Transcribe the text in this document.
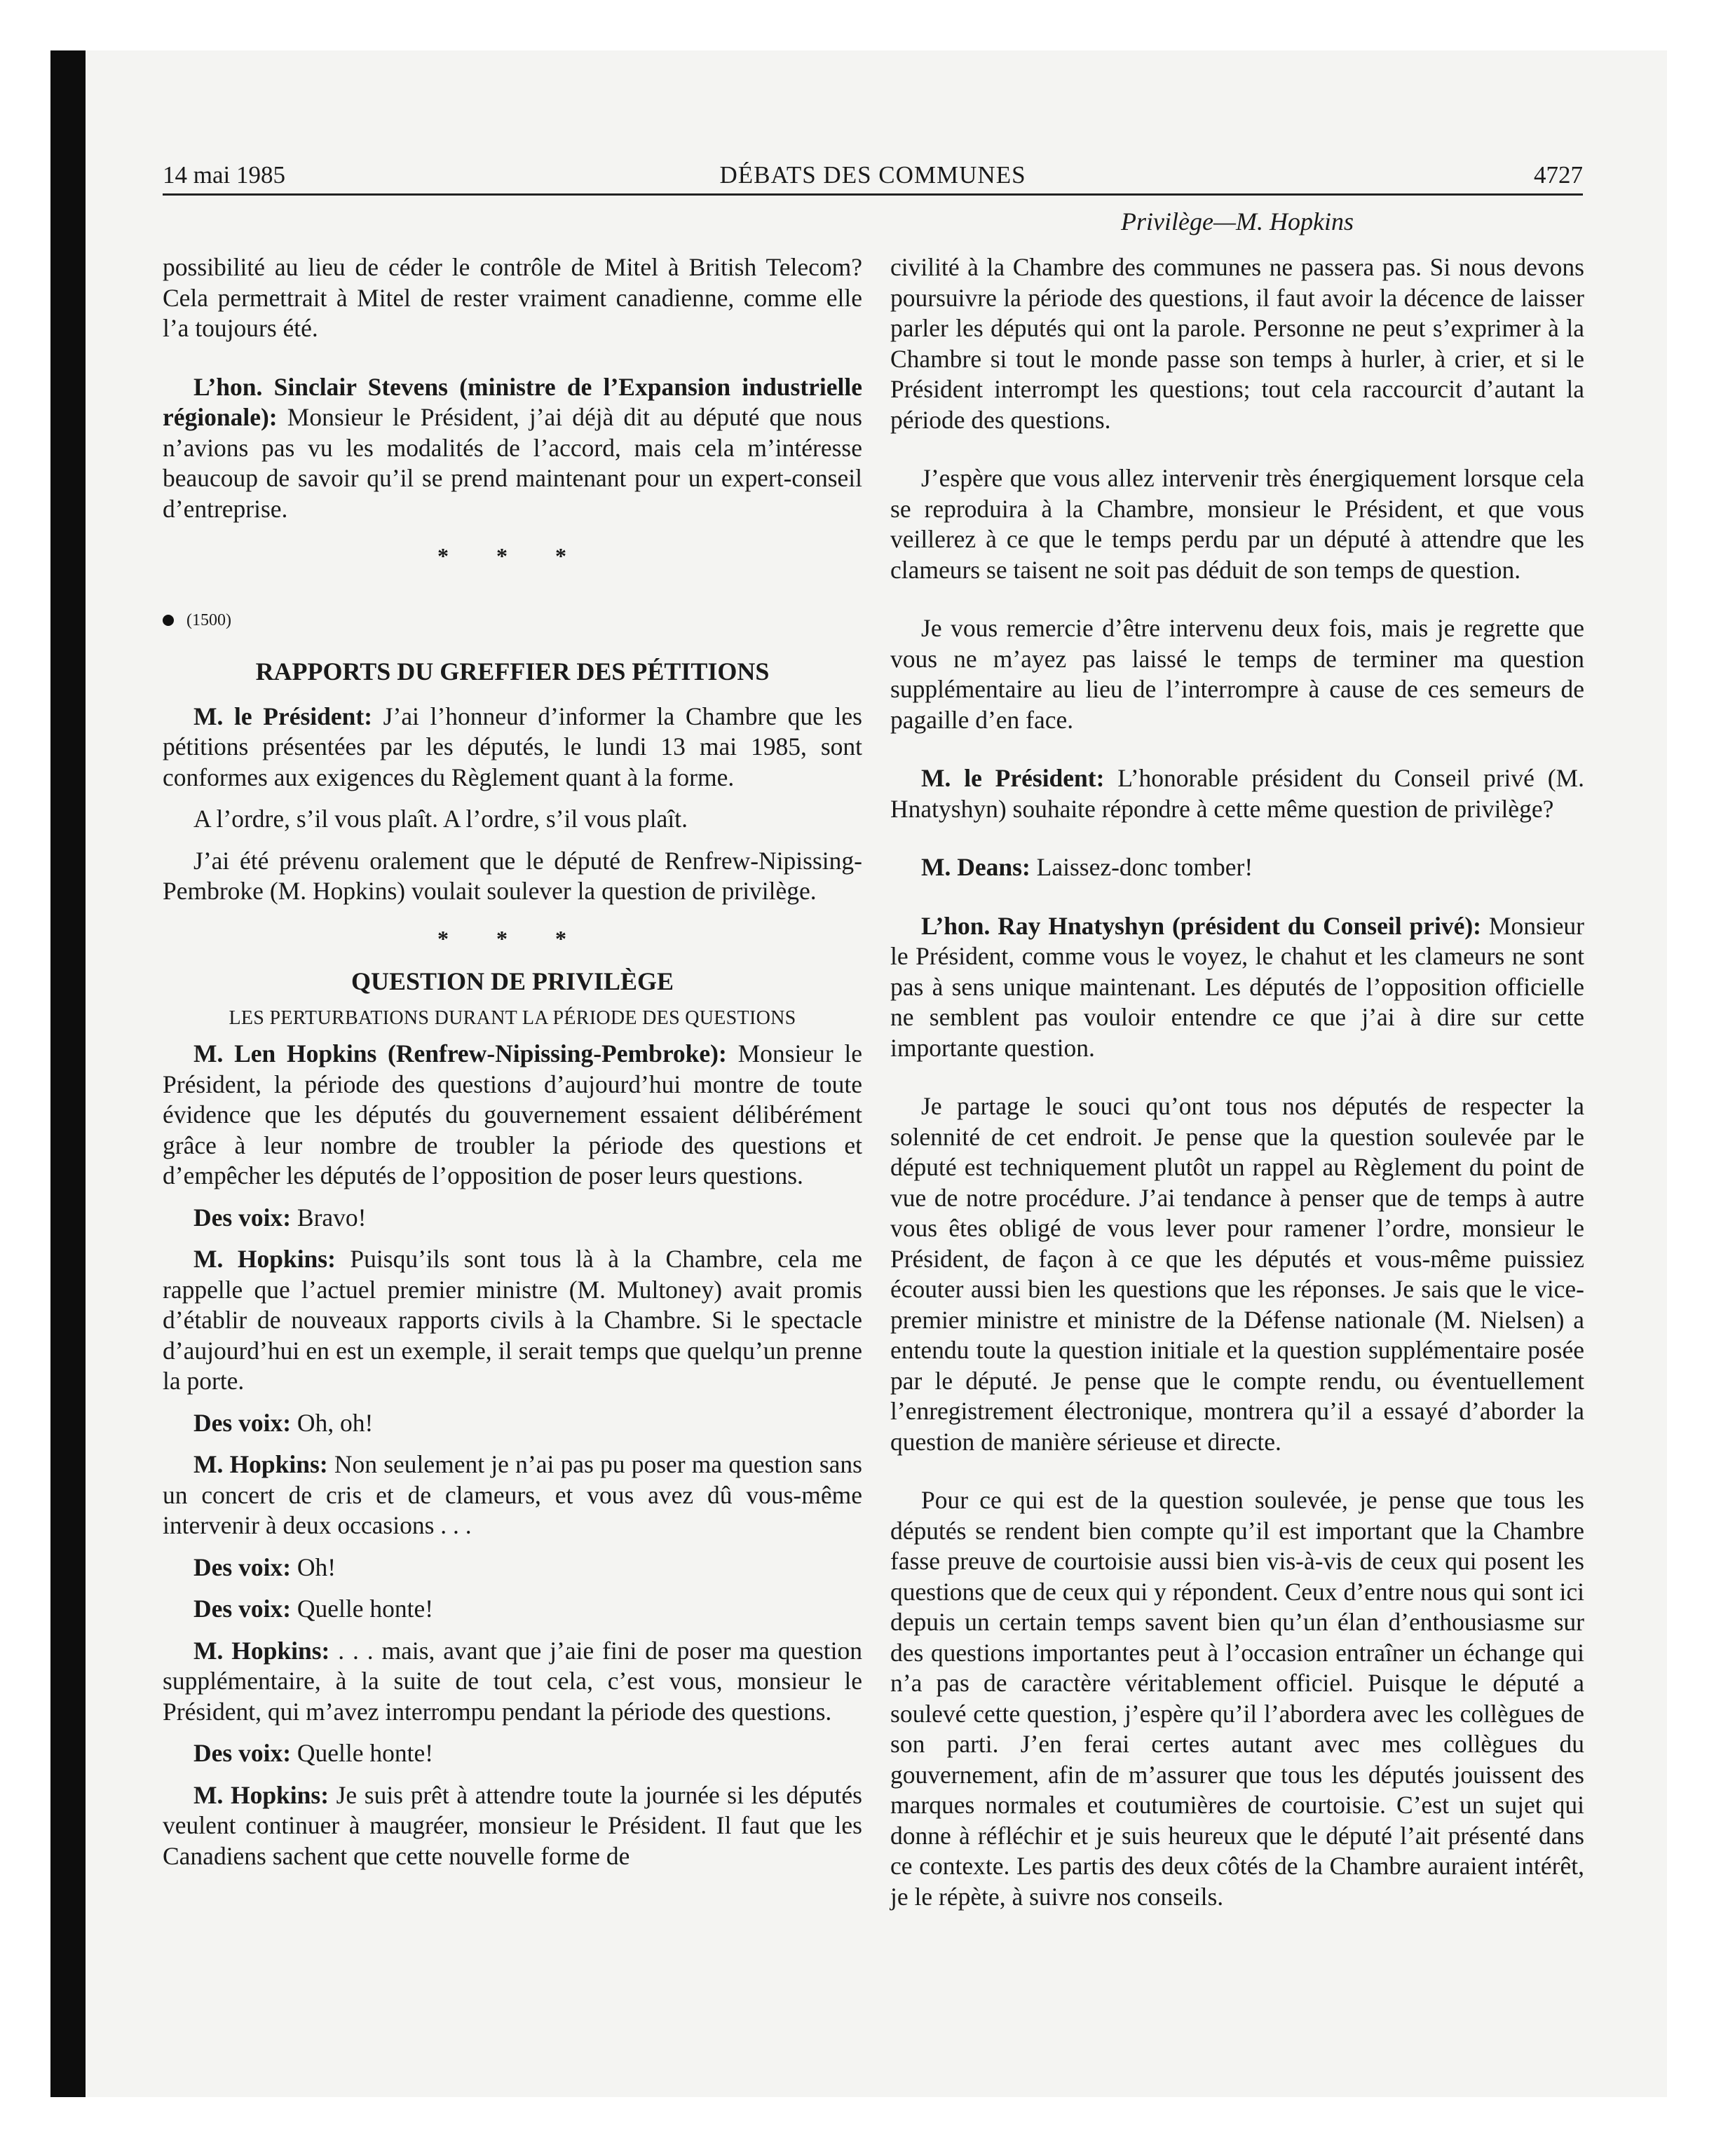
14 mai 1985	DÉBATS DES COMMUNES	4727
Privilège—M. Hopkins

possibilité au lieu de céder le contrôle de Mitel à British Telecom? Cela permettrait à Mitel de rester vraiment canadienne, comme elle l’a toujours été.

L’hon. Sinclair Stevens (ministre de l’Expansion industrielle régionale): Monsieur le Président, j’ai déjà dit au député que nous n’avions pas vu les modalités de l’accord, mais cela m’intéresse beaucoup de savoir qu’il se prend maintenant pour un expert-conseil d’entreprise.

* * *
(1500)
RAPPORTS DU GREFFIER DES PÉTITIONS

M. le Président: J’ai l’honneur d’informer la Chambre que les pétitions présentées par les députés, le lundi 13 mai 1985, sont conformes aux exigences du Règlement quant à la forme.

A l’ordre, s’il vous plaît. A l’ordre, s’il vous plaît.

J’ai été prévenu oralement que le député de Renfrew-Nipissing-Pembroke (M. Hopkins) voulait soulever la question de privilège.

* * *
QUESTION DE PRIVILÈGE
LES PERTURBATIONS DURANT LA PÉRIODE DES QUESTIONS

M. Len Hopkins (Renfrew-Nipissing-Pembroke): Monsieur le Président, la période des questions d’aujourd’hui montre de toute évidence que les députés du gouvernement essaient délibérément grâce à leur nombre de troubler la période des questions et d’empêcher les députés de l’opposition de poser leurs questions.

Des voix: Bravo!

M. Hopkins: Puisqu’ils sont tous là à la Chambre, cela me rappelle que l’actuel premier ministre (M. Multoney) avait promis d’établir de nouveaux rapports civils à la Chambre. Si le spectacle d’aujourd’hui en est un exemple, il serait temps que quelqu’un prenne la porte.

Des voix: Oh, oh!

M. Hopkins: Non seulement je n’ai pas pu poser ma question sans un concert de cris et de clameurs, et vous avez dû vous-même intervenir à deux occasions . . .

Des voix: Oh!

Des voix: Quelle honte!

M. Hopkins: . . . mais, avant que j’aie fini de poser ma question supplémentaire, à la suite de tout cela, c’est vous, monsieur le Président, qui m’avez interrompu pendant la période des questions.

Des voix: Quelle honte!

M. Hopkins: Je suis prêt à attendre toute la journée si les députés veulent continuer à maugréer, monsieur le Président. Il faut que les Canadiens sachent que cette nouvelle forme de

civilité à la Chambre des communes ne passera pas. Si nous devons poursuivre la période des questions, il faut avoir la décence de laisser parler les députés qui ont la parole. Personne ne peut s’exprimer à la Chambre si tout le monde passe son temps à hurler, à crier, et si le Président interrompt les questions; tout cela raccourcit d’autant la période des questions.

J’espère que vous allez intervenir très énergiquement lorsque cela se reproduira à la Chambre, monsieur le Président, et que vous veillerez à ce que le temps perdu par un député à attendre que les clameurs se taisent ne soit pas déduit de son temps de question.

Je vous remercie d’être intervenu deux fois, mais je regrette que vous ne m’ayez pas laissé le temps de terminer ma question supplémentaire au lieu de l’interrompre à cause de ces semeurs de pagaille d’en face.

M. le Président: L’honorable président du Conseil privé (M. Hnatyshyn) souhaite répondre à cette même question de privilège?

M. Deans: Laissez-donc tomber!

L’hon. Ray Hnatyshyn (président du Conseil privé): Monsieur le Président, comme vous le voyez, le chahut et les clameurs ne sont pas à sens unique maintenant. Les députés de l’opposition officielle ne semblent pas vouloir entendre ce que j’ai à dire sur cette importante question.

Je partage le souci qu’ont tous nos députés de respecter la solennité de cet endroit. Je pense que la question soulevée par le député est techniquement plutôt un rappel au Règlement du point de vue de notre procédure. J’ai tendance à penser que de temps à autre vous êtes obligé de vous lever pour ramener l’ordre, monsieur le Président, de façon à ce que les députés et vous-même puissiez écouter aussi bien les questions que les réponses. Je sais que le vice-premier ministre et ministre de la Défense nationale (M. Nielsen) a entendu toute la question initiale et la question supplémentaire posée par le député. Je pense que le compte rendu, ou éventuellement l’enregistrement électronique, montrera qu’il a essayé d’aborder la question de manière sérieuse et directe.

Pour ce qui est de la question soulevée, je pense que tous les députés se rendent bien compte qu’il est important que la Chambre fasse preuve de courtoisie aussi bien vis-à-vis de ceux qui posent les questions que de ceux qui y répondent. Ceux d’entre nous qui sont ici depuis un certain temps savent bien qu’un élan d’enthousiasme sur des questions importantes peut à l’occasion entraîner un échange qui n’a pas de caractère véritablement officiel. Puisque le député a soulevé cette question, j’espère qu’il l’abordera avec les collègues de son parti. J’en ferai certes autant avec mes collègues du gouvernement, afin de m’assurer que tous les députés jouissent des marques normales et coutumières de courtoisie. C’est un sujet qui donne à réfléchir et je suis heureux que le député l’ait présenté dans ce contexte. Les partis des deux côtés de la Chambre auraient intérêt, je le répète, à suivre nos conseils.
